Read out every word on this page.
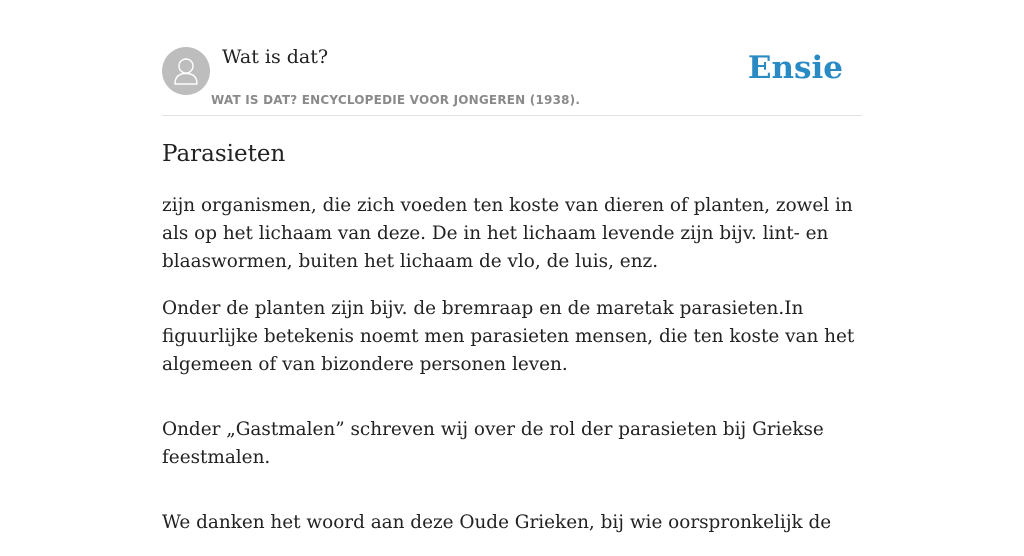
Wat is dat?
WAT IS DAT? ENCYCLOPEDIE VOOR JONGEREN (1938).
Ensie
Parasieten

zijn organismen, die zich voeden ten koste van dieren of planten, zowel in als op het lichaam van deze. De in het lichaam levende zijn bijv. lint- en blaaswormen, buiten het lichaam de vlo, de luis, enz.

Onder de planten zijn bijv. de bremraap en de maretak parasieten.In figuurlijke betekenis noemt men parasieten mensen, die ten koste van het algemeen of van bizondere personen leven.

Onder „Gastmalen” schreven wij over de rol der parasieten bij Griekse feestmalen.

We danken het woord aan deze Oude Grieken, bij wie oorspronkelijk de
